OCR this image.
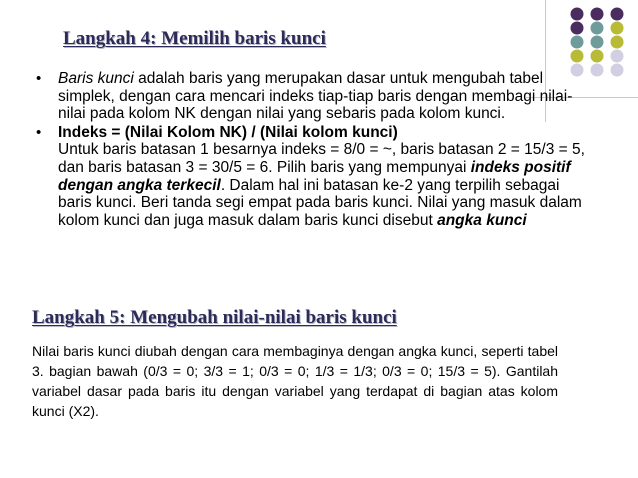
Langkah 4: Memilih baris kunci
• Baris kunci adalah baris yang merupakan dasar untuk mengubah tabel simplek, dengan cara mencari indeks tiap-tiap baris dengan membagi nilai-nilai pada kolom NK dengan nilai yang sebaris pada kolom kunci.
• Indeks = (Nilai Kolom NK) / (Nilai kolom kunci)
Untuk baris batasan 1 besarnya indeks = 8/0 = ~, baris batasan 2 = 15/3 = 5, dan baris batasan 3 = 30/5 = 6. Pilih baris yang mempunyai indeks positif dengan angka terkecil. Dalam hal ini batasan ke-2 yang terpilih sebagai baris kunci. Beri tanda segi empat pada baris kunci. Nilai yang masuk dalam kolom kunci dan juga masuk dalam baris kunci disebut angka kunci
Langkah 5: Mengubah nilai-nilai baris kunci

Nilai baris kunci diubah dengan cara membaginya dengan angka kunci, seperti tabel 3. bagian bawah (0/3 = 0; 3/3 = 1; 0/3 = 0; 1/3 = 1/3; 0/3 = 0; 15/3 = 5). Gantilah variabel dasar pada baris itu dengan variabel yang terdapat di bagian atas kolom kunci (X2).
